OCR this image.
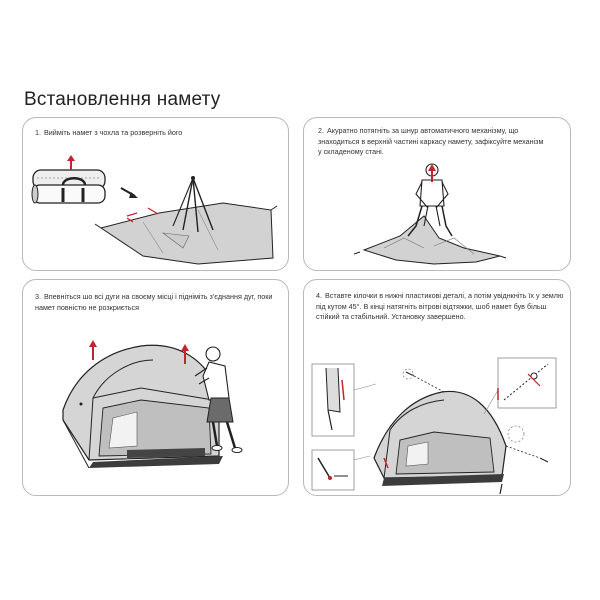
Встановлення намету
1. Вийміть намет з чохла та розверніть його	2. Акуратно потягніть за шнур автоматичного механізму, що знаходиться в верхній частині каркасу намету, зафіксуйте механізм у складеному стані.
3. Впевніться шо всі дуги на своєму місці і підніміть з'єднання дуг, поки намет повністю не розкриється
4. Вставте кілочки в нижні пластикові деталі, а потім увіднкніть їх у землю під кутом 45°. В кінці натягніть вітрові відтяжки, шоб намет був більш стійкий та стабільний. Установку завершено.
